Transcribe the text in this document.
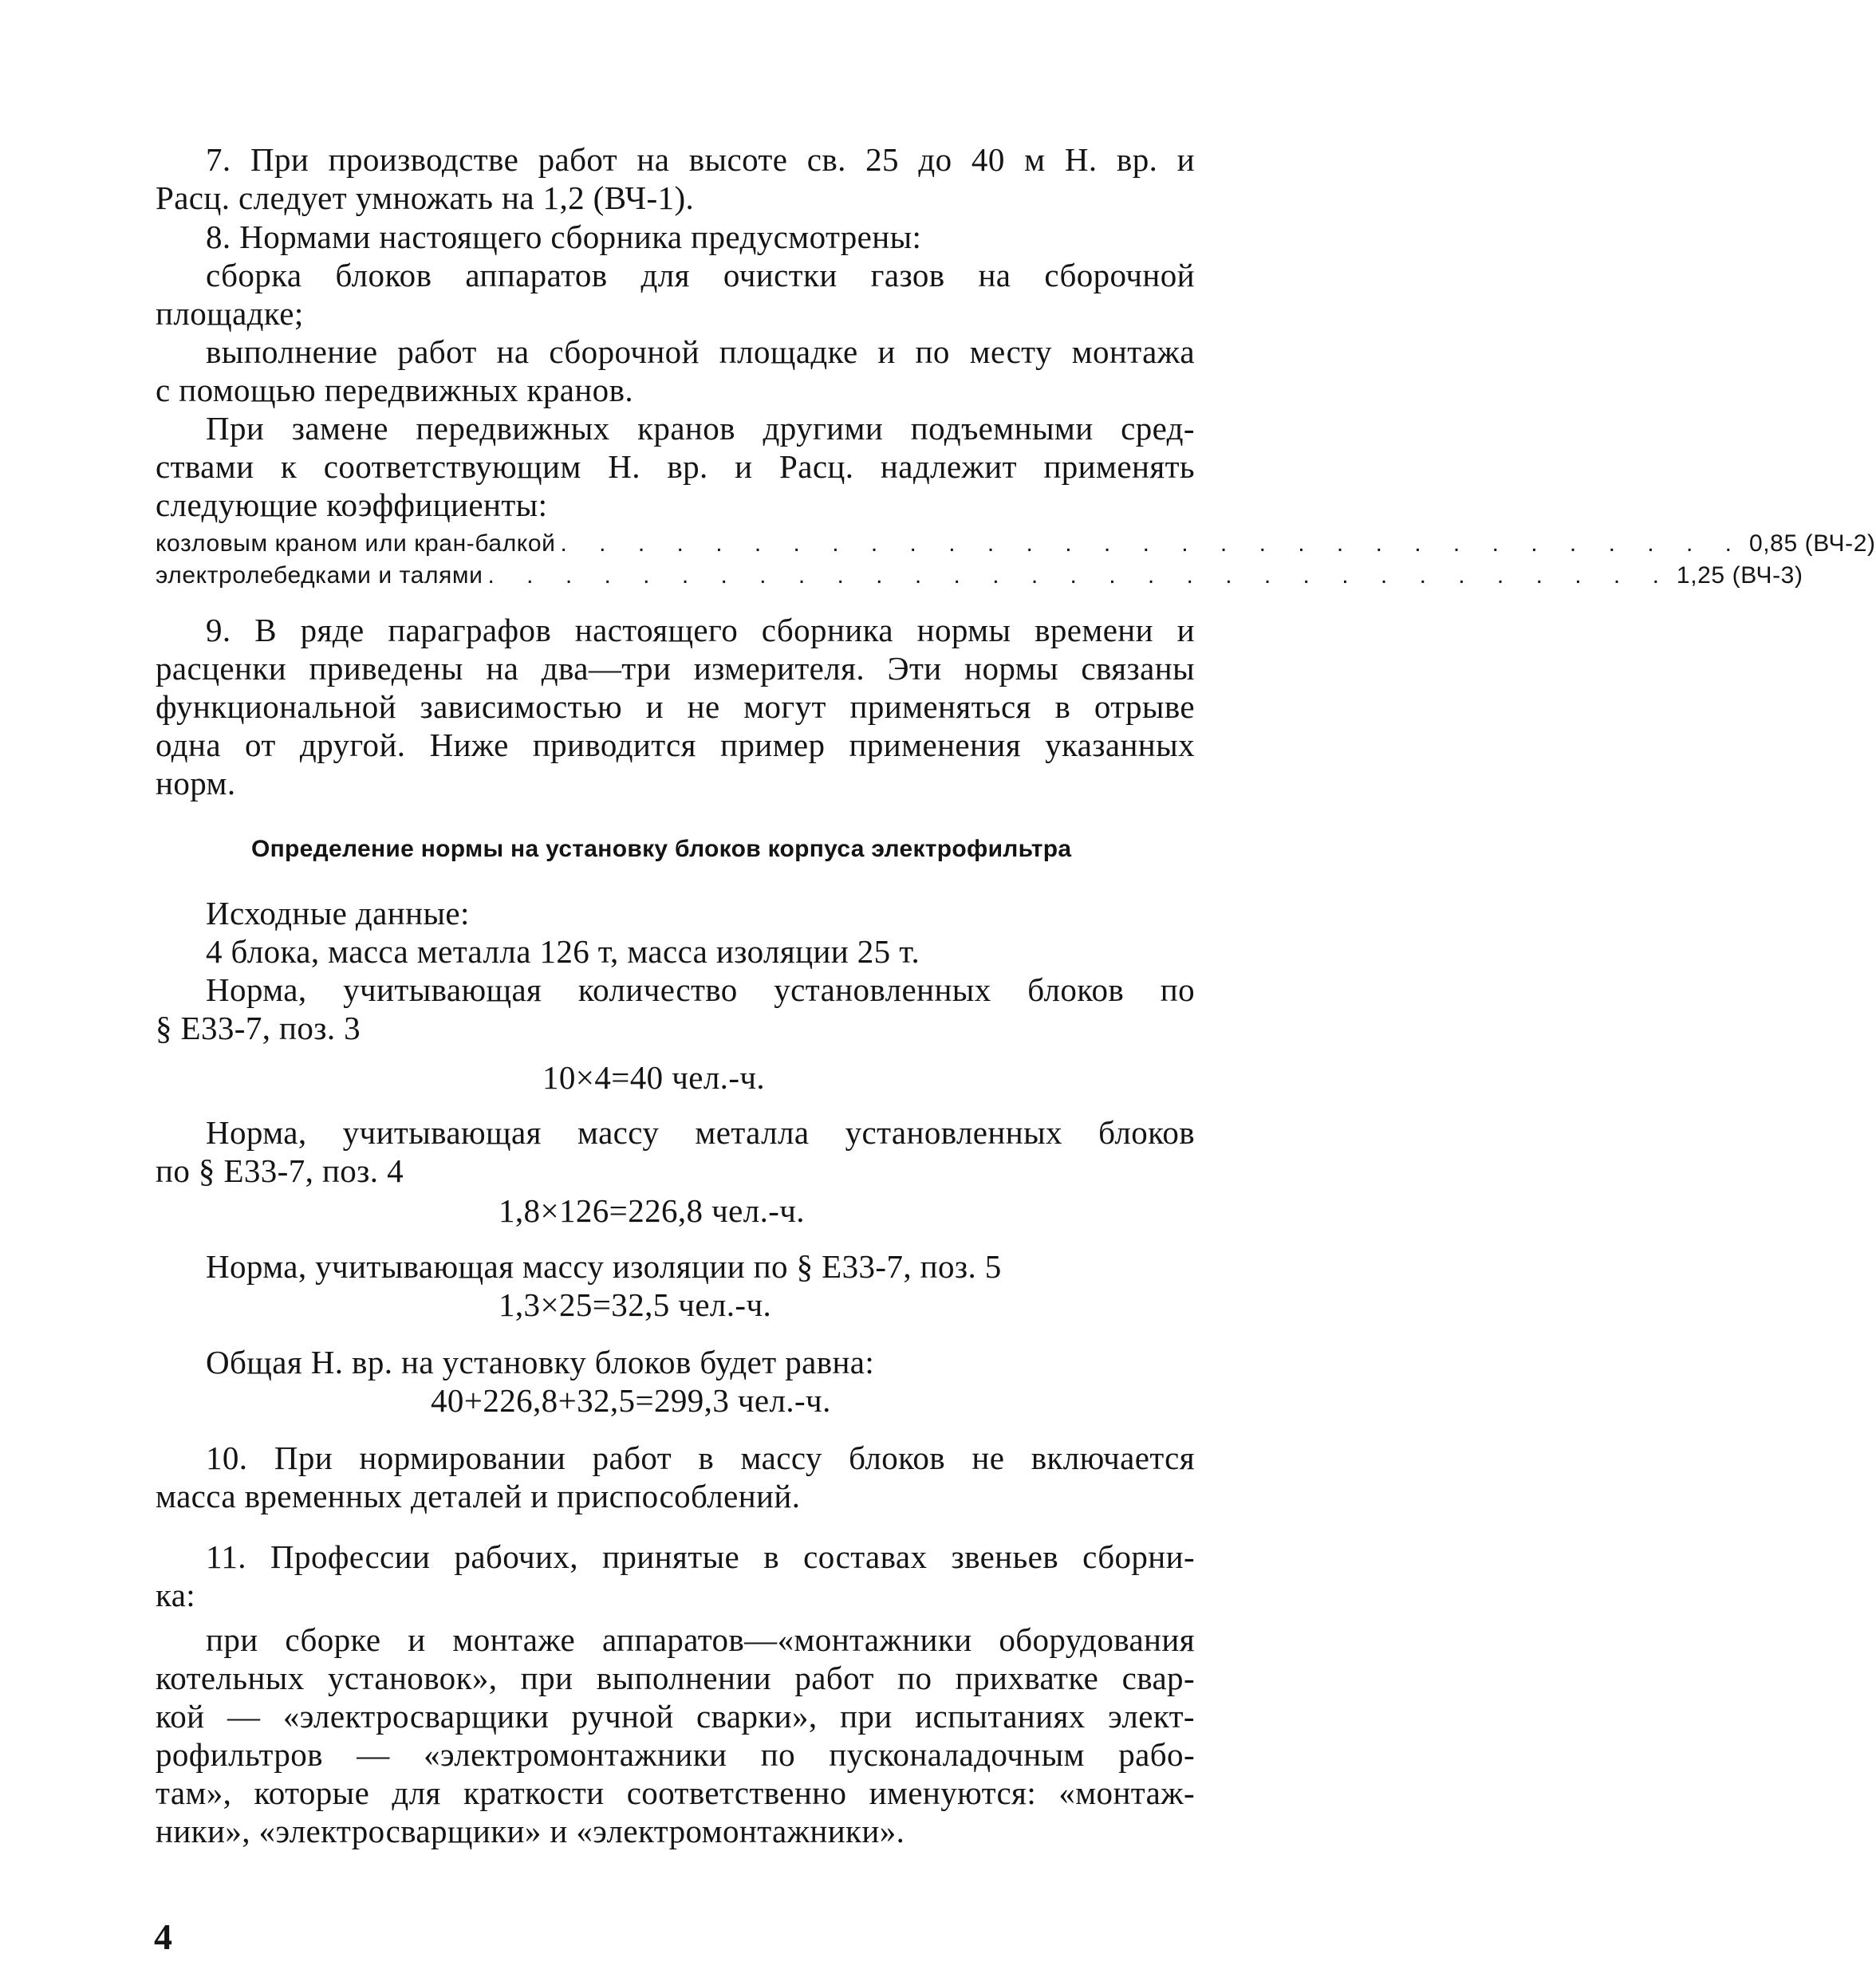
7. При производстве работ на высоте св. 25 до 40 м Н. вр. и
Расц. следует умножать на 1,2 (ВЧ-1).
8. Нормами настоящего сборника предусмотрены:
сборка блоков аппаратов для очистки газов на сборочной
площадке;
выполнение работ на сборочной площадке и по месту монтажа
с помощью передвижных кранов.
При замене передвижных кранов другими подъемными сред-
ствами к соответствующим Н. вр. и Расц. надлежит применять
следующие коэффициенты:
козловым краном или кран-балкой . . . . . . . . . . . . . . . . . . . . . . . . . . . . . . . 0,85 (ВЧ-2)
электролебедками и талями . . . . . . . . . . . . . . . . . . . . . . . . . . . . . . . 1,25 (ВЧ-3)
9. В ряде параграфов настоящего сборника нормы времени и
расценки приведены на два—три измерителя. Эти нормы связаны
функциональной зависимостью и не могут применяться в отрыве
одна от другой. Ниже приводится пример применения указанных
норм.
Определение нормы на установку блоков корпуса электрофильтра
Исходные данные:
4 блока, масса металла 126 т, масса изоляции 25 т.
Норма, учитывающая количество установленных блоков по
§ Е33-7, поз. 3
10×4=40 чел.-ч.
Норма, учитывающая массу металла установленных блоков
по § Е33-7, поз. 4
1,8×126=226,8 чел.-ч.
Норма, учитывающая массу изоляции по § Е33-7, поз. 5
1,3×25=32,5 чел.-ч.
Общая Н. вр. на установку блоков будет равна:
40+226,8+32,5=299,3 чел.-ч.
10. При нормировании работ в массу блоков не включается
масса временных деталей и приспособлений.
11. Профессии рабочих, принятые в составах звеньев сборни-
ка:
при сборке и монтаже аппаратов—«монтажники оборудования
котельных установок», при выполнении работ по прихватке свар-
кой — «электросварщики ручной сварки», при испытаниях элект-
рофильтров — «электромонтажники по пусконаладочным рабо-
там», которые для краткости соответственно именуются: «монтаж-
ники», «электросварщики» и «электромонтажники».
4
